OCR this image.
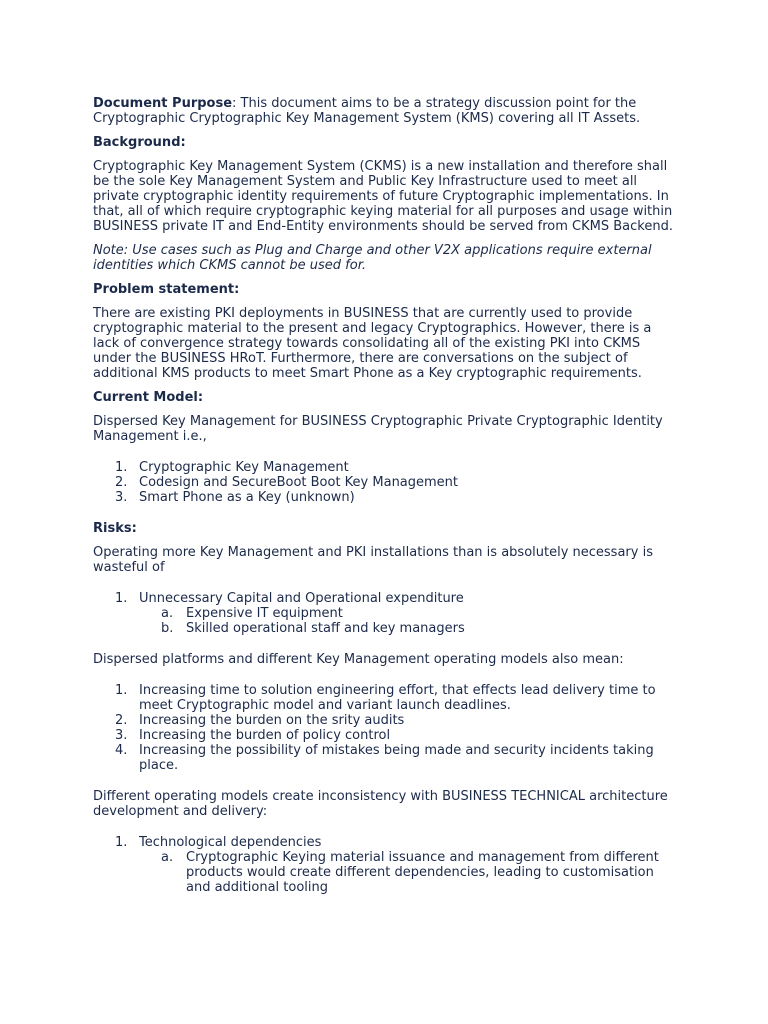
Document Purpose: This document aims to be a strategy discussion point for the Cryptographic Cryptographic Key Management System (KMS) covering all IT Assets.

Background:

Cryptographic Key Management System (CKMS) is a new installation and therefore shall be the sole Key Management System and Public Key Infrastructure used to meet all private cryptographic identity requirements of future Cryptographic implementations. In that, all of which require cryptographic keying material for all purposes and usage within BUSINESS private IT and End-Entity environments should be served from CKMS Backend.

Note: Use cases such as Plug and Charge and other V2X applications require external identities which CKMS cannot be used for.

Problem statement:

There are existing PKI deployments in BUSINESS that are currently used to provide cryptographic material to the present and legacy Cryptographics. However, there is a lack of convergence strategy towards consolidating all of the existing PKI into CKMS under the BUSINESS HRoT. Furthermore, there are conversations on the subject of additional KMS products to meet Smart Phone as a Key cryptographic requirements.

Current Model:

Dispersed Key Management for BUSINESS Cryptographic Private Cryptographic Identity Management i.e.,

1. Cryptographic Key Management
2. Codesign and SecureBoot Boot Key Management
3. Smart Phone as a Key (unknown)

Risks:

Operating more Key Management and PKI installations than is absolutely necessary is wasteful of

1. Unnecessary Capital and Operational expenditure
a. Expensive IT equipment
b. Skilled operational staff and key managers

Dispersed platforms and different Key Management operating models also mean:

1. Increasing time to solution engineering effort, that effects lead delivery time to meet Cryptographic model and variant launch deadlines.
2. Increasing the burden on the srity audits
3. Increasing the burden of policy control
4. Increasing the possibility of mistakes being made and security incidents taking place.

Different operating models create inconsistency with BUSINESS TECHNICAL architecture development and delivery:

1. Technological dependencies
a. Cryptographic Keying material issuance and management from different products would create different dependencies, leading to customisation and additional tooling
